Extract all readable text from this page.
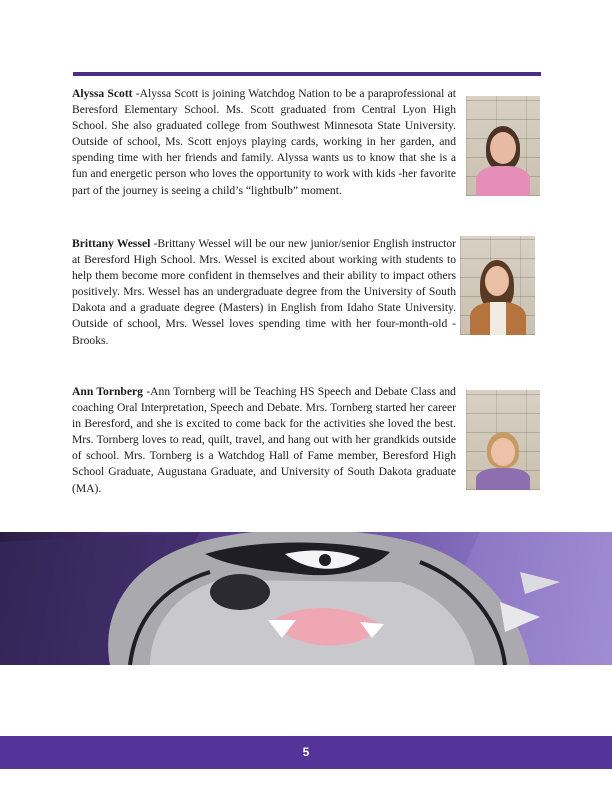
Alyssa Scott -Alyssa Scott is joining Watchdog Nation to be a paraprofessional at Beresford Elementary School. Ms. Scott graduated from Central Lyon High School. She also graduated college from Southwest Minnesota State University. Outside of school, Ms. Scott enjoys playing cards, working in her garden, and spending time with her friends and family. Alyssa wants us to know that she is a fun and energetic person who loves the opportunity to work with kids -her favorite part of the journey is seeing a child’s “lightbulb” moment.

Brittany Wessel -Brittany Wessel will be our new junior/senior English instructor at Beresford High School. Mrs. Wessel is excited about working with students to help them become more confident in themselves and their ability to impact others positively. Mrs. Wessel has an undergraduate degree from the University of South Dakota and a graduate degree (Masters) in English from Idaho State University. Outside of school, Mrs. Wessel loves spending time with her four-month-old -Brooks.

Ann Tornberg -Ann Tornberg will be Teaching HS Speech and Debate Class and coaching Oral Interpretation, Speech and Debate. Mrs. Tornberg started her career in Beresford, and she is excited to come back for the activities she loved the best. Mrs. Tornberg loves to read, quilt, travel, and hang out with her grandkids outside of school. Mrs. Tornberg is a Watchdog Hall of Fame member, Beresford High School Graduate, Augustana Graduate, and University of South Dakota graduate (MA).

5
